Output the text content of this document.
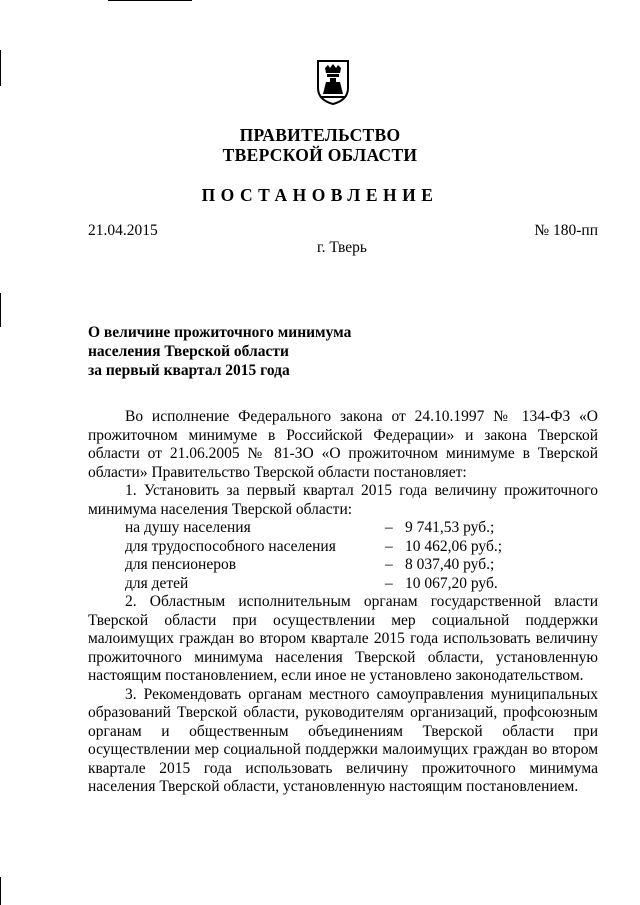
ПРАВИТЕЛЬСТВО
ТВЕРСКОЙ ОБЛАСТИ
ПОСТАНОВЛЕНИЕ
21.04.2015	№ 180-пп
г. Тверь
О величине прожиточного минимума
населения Тверской области
за первый квартал 2015 года

Во исполнение Федерального закона от 24.10.1997 № 134-ФЗ «О прожиточном минимуме в Российской Федерации» и закона Тверской области от 21.06.2005 № 81-ЗО «О прожиточном минимуме в Тверской области» Правительство Тверской области постановляет:

1. Установить за первый квартал 2015 года величину прожиточного минимума населения Тверской области:

на душу населения	–	9 741,53 руб.;
для трудоспособного населения	–	10 462,06 руб.;
для пенсионеров	–	8 037,40 руб.;
для детей	–	10 067,20 руб.

2. Областным исполнительным органам государственной власти Тверской области при осуществлении мер социальной поддержки малоимущих граждан во втором квартале 2015 года использовать величину прожиточного минимума населения Тверской области, установленную настоящим постановлением, если иное не установлено законодательством.

3. Рекомендовать органам местного самоуправления муниципальных образований Тверской области, руководителям организаций, профсоюзным органам и общественным объединениям Тверской области при осуществлении мер социальной поддержки малоимущих граждан во втором квартале 2015 года использовать величину прожиточного минимума населения Тверской области, установленную настоящим постановлением.
